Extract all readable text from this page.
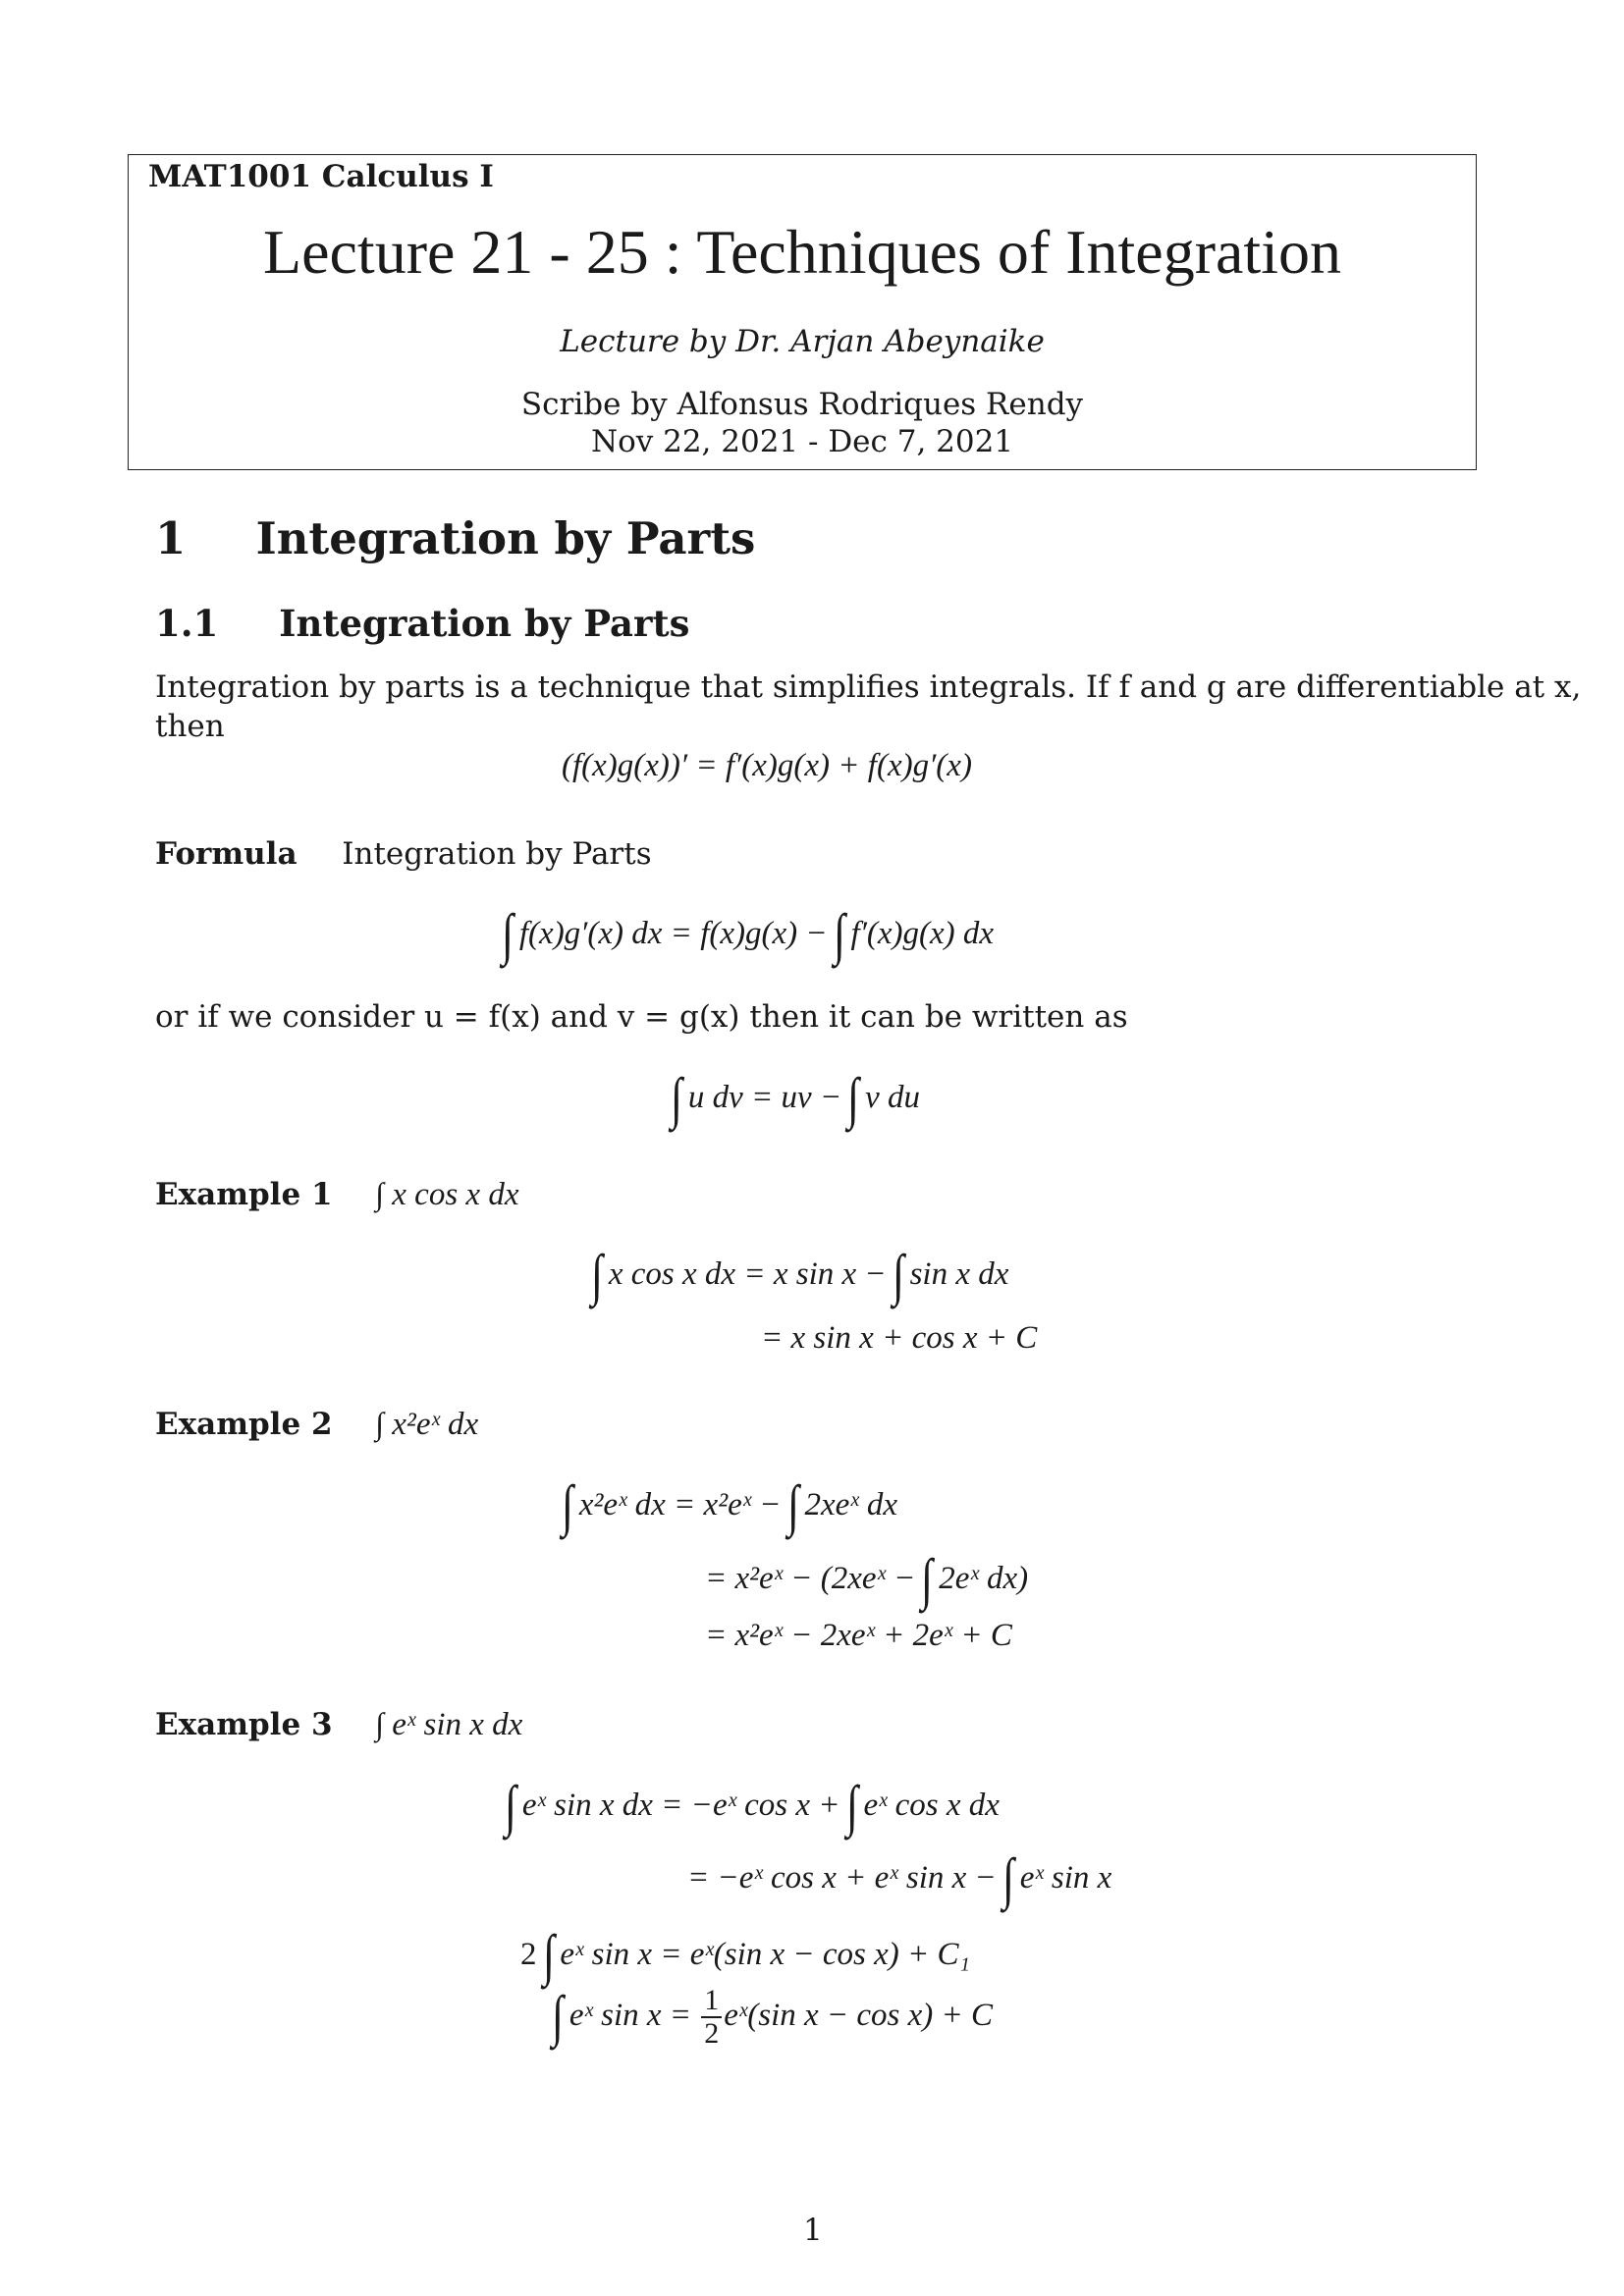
MAT1001 Calculus I
Lecture 21 - 25 : Techniques of Integration
Lecture by Dr. Arjan Abeynaike
Scribe by Alfonsus Rodriques Rendy
Nov 22, 2021 - Dec 7, 2021
1 Integration by Parts
1.1 Integration by Parts
Integration by parts is a technique that simplifies integrals. If f and g are differentiable at x,
then
(f(x)g(x))′ = f′(x)g(x) + f(x)g′(x)
Formula Integration by Parts
∫ f(x)g′(x) dx = f(x)g(x) − ∫ f′(x)g(x) dx
or if we consider u = f(x) and v = g(x) then it can be written as
∫ u dv = uv − ∫ v du
Example 1 ∫ x cos x dx
∫ x cos x dx = x sin x − ∫ sin x dx
= x sin x + cos x + C
Example 2 ∫ x²eˣ dx
∫ x²eˣ dx = x²eˣ − ∫ 2xeˣ dx
= x²eˣ − (2xeˣ − ∫ 2eˣ dx)
= x²eˣ − 2xeˣ + 2eˣ + C
Example 3 ∫ eˣ sin x dx
∫ eˣ sin x dx = −eˣ cos x + ∫ eˣ cos x dx
= −eˣ cos x + eˣ sin x − ∫ eˣ sin x
2 ∫ eˣ sin x = eˣ(sin x − cos x) + C₁
∫ eˣ $\sin x = \frac{1}{2}$ eˣ(sin x − cos x) + C
1
